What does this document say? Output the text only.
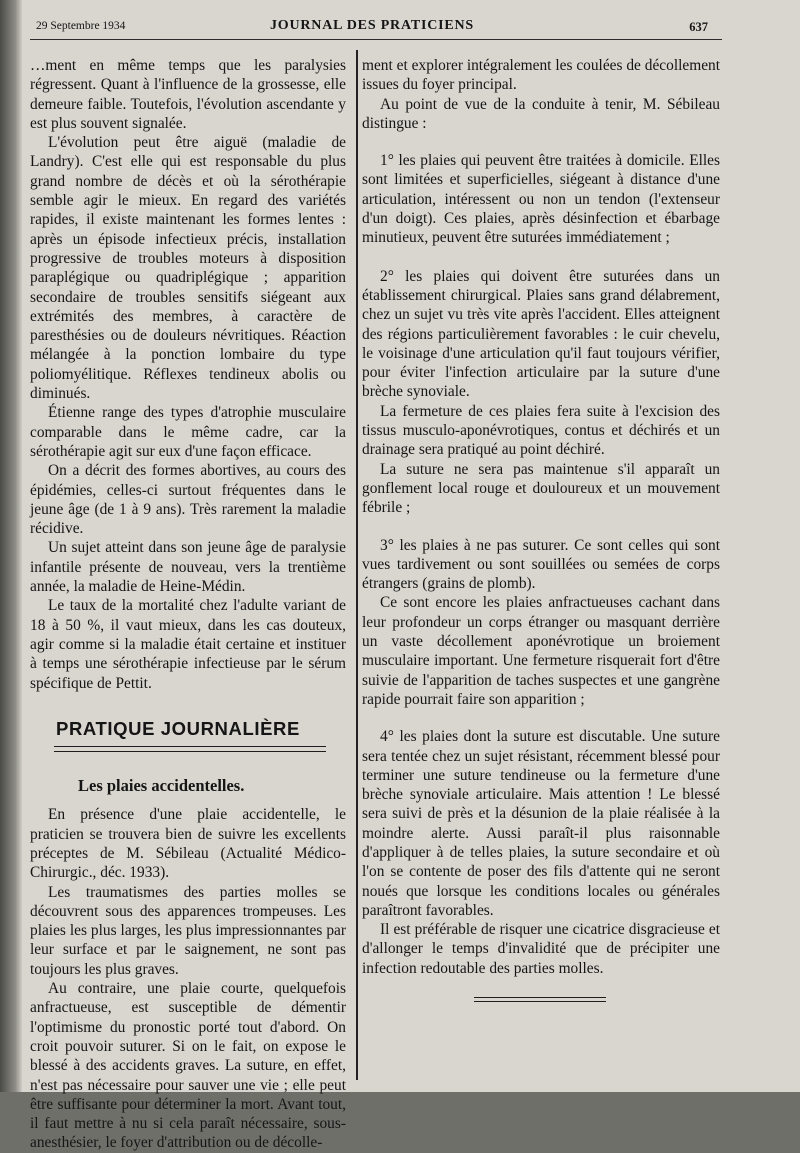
29 Septembre 1934	JOURNAL DES PRATICIENS	637

…ment en même temps que les paralysies régressent. Quant à l'influence de la grossesse, elle demeure faible. Toutefois, l'évolution ascendante y est plus souvent signalée.

L'évolution peut être aiguë (maladie de Landry). C'est elle qui est responsable du plus grand nombre de décès et où la sérothérapie semble agir le mieux. En regard des variétés rapides, il existe maintenant les formes lentes : après un épisode infectieux précis, installation progressive de troubles moteurs à disposition paraplégique ou quadriplégique ; apparition secondaire de troubles sensitifs siégeant aux extrémités des membres, à caractère de paresthésies ou de douleurs névritiques. Réaction mélangée à la ponction lombaire du type poliomyélitique. Réflexes tendineux abolis ou diminués.

Étienne range des types d'atrophie musculaire comparable dans le même cadre, car la sérothérapie agit sur eux d'une façon efficace.

On a décrit des formes abortives, au cours des épidémies, celles-ci surtout fréquentes dans le jeune âge (de 1 à 9 ans). Très rarement la maladie récidive.

Un sujet atteint dans son jeune âge de paralysie infantile présente de nouveau, vers la trentième année, la maladie de Heine-Médin.

Le taux de la mortalité chez l'adulte variant de 18 à 50 %, il vaut mieux, dans les cas douteux, agir comme si la maladie était certaine et instituer à temps une sérothérapie infectieuse par le sérum spécifique de Pettit.

PRATIQUE JOURNALIÈRE
Les plaies accidentelles.

En présence d'une plaie accidentelle, le praticien se trouvera bien de suivre les excellents préceptes de M. Sébileau (Actualité Médico-Chirurgic., déc. 1933).

Les traumatismes des parties molles se découvrent sous des apparences trompeuses. Les plaies les plus larges, les plus impressionnantes par leur surface et par le saignement, ne sont pas toujours les plus graves.

Au contraire, une plaie courte, quelquefois anfractueuse, est susceptible de démentir l'optimisme du pronostic porté tout d'abord. On croit pouvoir suturer. Si on le fait, on expose le blessé à des accidents graves. La suture, en effet, n'est pas nécessaire pour sauver une vie ; elle peut être suffisante pour déterminer la mort. Avant tout, il faut mettre à nu si cela paraît nécessaire, sous-anesthésier, le foyer d'attribution ou de décolle-

ment et explorer intégralement les coulées de décollement issues du foyer principal.

Au point de vue de la conduite à tenir, M. Sébileau distingue :

1° les plaies qui peuvent être traitées à domicile. Elles sont limitées et superficielles, siégeant à distance d'une articulation, intéressent ou non un tendon (l'extenseur d'un doigt). Ces plaies, après désinfection et ébarbage minutieux, peuvent être suturées immédiatement ;

2° les plaies qui doivent être suturées dans un établissement chirurgical. Plaies sans grand délabrement, chez un sujet vu très vite après l'accident. Elles atteignent des régions particulièrement favorables : le cuir chevelu, le voisinage d'une articulation qu'il faut toujours vérifier, pour éviter l'infection articulaire par la suture d'une brèche synoviale.

La fermeture de ces plaies fera suite à l'excision des tissus musculo-aponévrotiques, contus et déchirés et un drainage sera pratiqué au point déchiré.

La suture ne sera pas maintenue s'il apparaît un gonflement local rouge et douloureux et un mouvement fébrile ;

3° les plaies à ne pas suturer. Ce sont celles qui sont vues tardivement ou sont souillées ou semées de corps étrangers (grains de plomb).

Ce sont encore les plaies anfractueuses cachant dans leur profondeur un corps étranger ou masquant derrière un vaste décollement aponévrotique un broiement musculaire important. Une fermeture risquerait fort d'être suivie de l'apparition de taches suspectes et une gangrène rapide pourrait faire son apparition ;

4° les plaies dont la suture est discutable. Une suture sera tentée chez un sujet résistant, récemment blessé pour terminer une suture tendineuse ou la fermeture d'une brèche synoviale articulaire. Mais attention ! Le blessé sera suivi de près et la désunion de la plaie réalisée à la moindre alerte. Aussi paraît-il plus raisonnable d'appliquer à de telles plaies, la suture secondaire et où l'on se contente de poser des fils d'attente qui ne seront noués que lorsque les conditions locales ou générales paraîtront favorables.

Il est préférable de risquer une cicatrice disgracieuse et d'allonger le temps d'invalidité que de précipiter une infection redoutable des parties molles.
